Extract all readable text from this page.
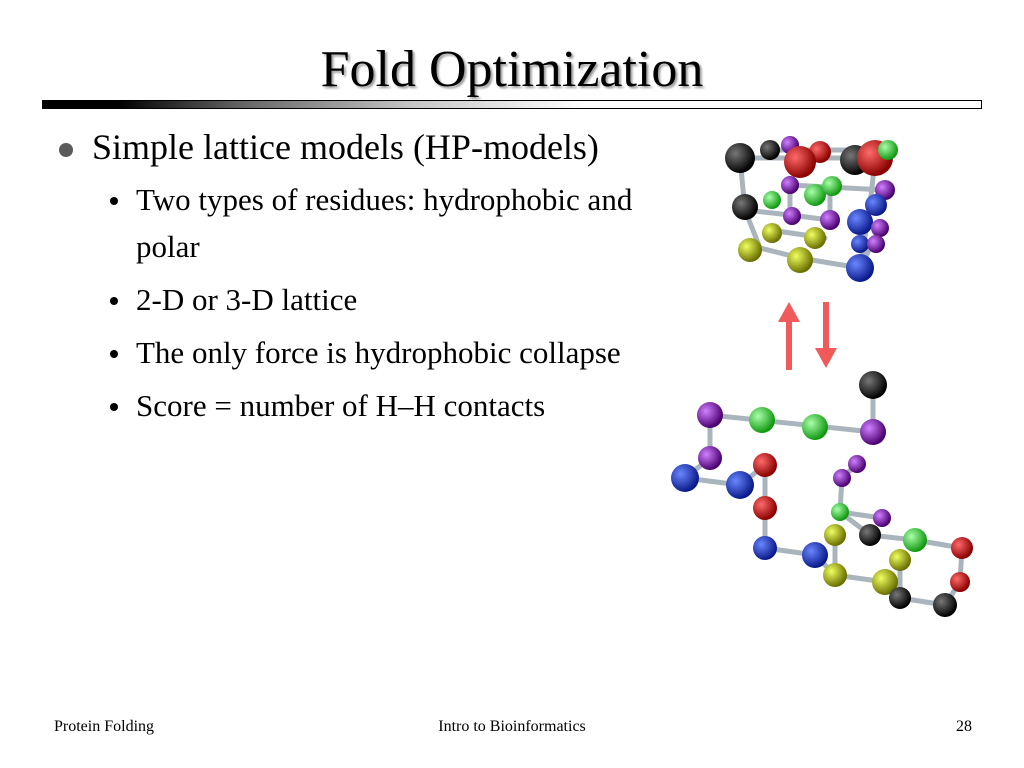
Fold Optimization
Simple lattice models (HP-models)
Two types of residues: hydrophobic and polar
2-D or 3-D lattice
The only force is hydrophobic collapse
Score = number of H–H contacts
Protein Folding	Intro to Bioinformatics	28
